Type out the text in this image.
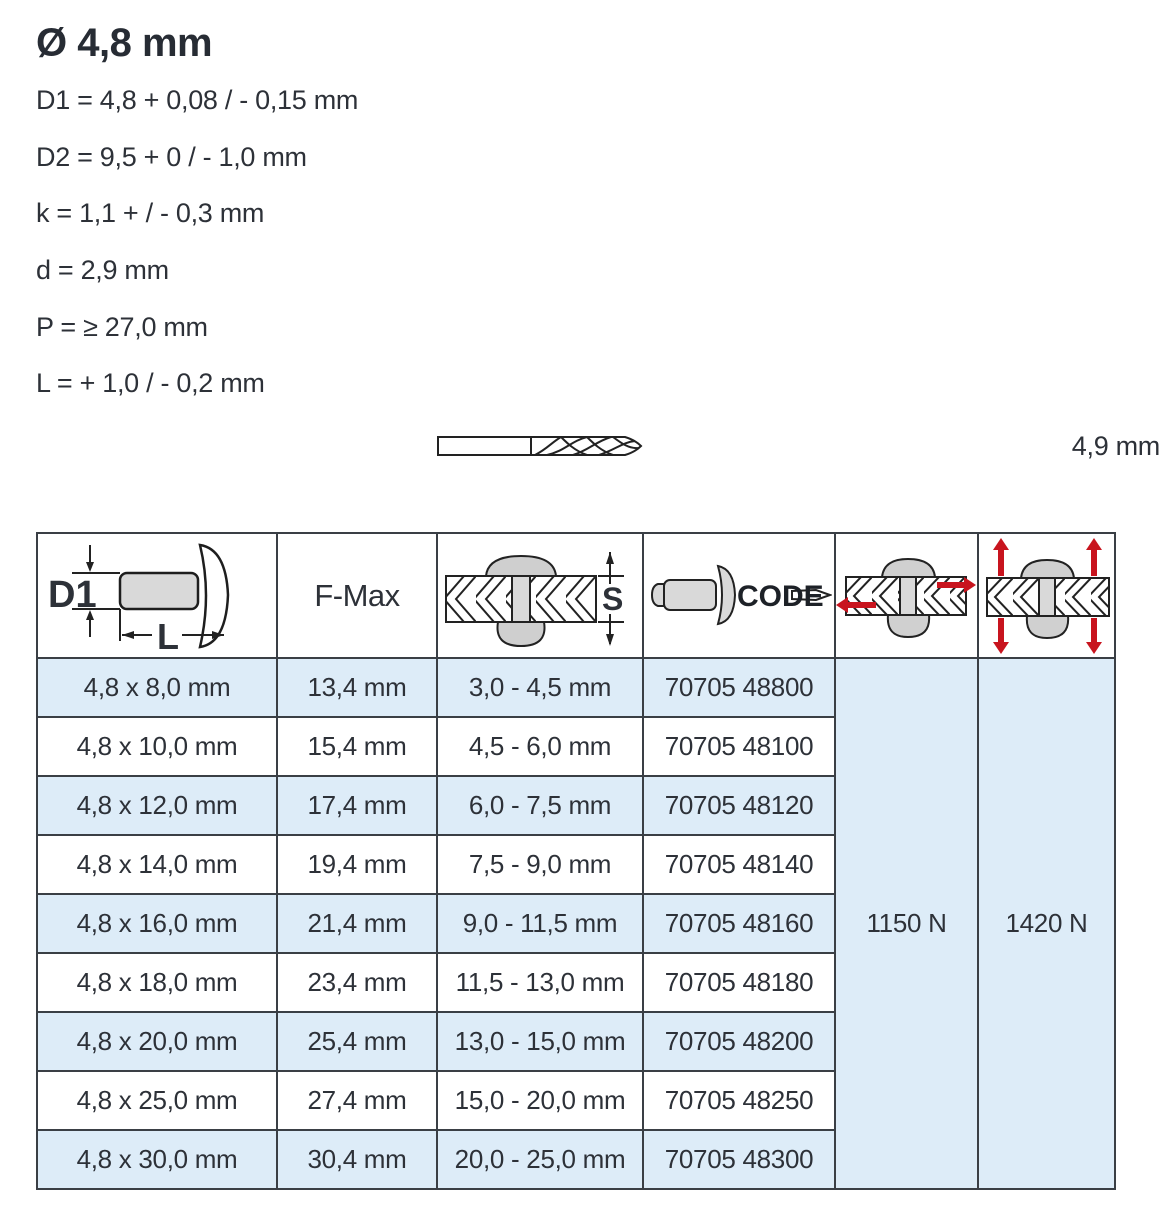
Ø 4,8 mm
D1 = 4,8 + 0,08 / - 0,15 mm
D2 = 9,5 + 0 / - 1,0 mm
k = 1,1 + / - 0,3 mm
d = 2,9 mm
P = ≥ 27,0 mm
L = + 1,0 / - 0,2 mm
4,9 mm
D1
L	F-Max	S	CODE

4,8 x 8,0 mm	13,4 mm	3,0 - 4,5 mm	70705 48800	1150 N	1420 N
4,8 x 10,0 mm	15,4 mm	4,5 - 6,0 mm	70705 48100		
4,8 x 12,0 mm	17,4 mm	6,0 - 7,5 mm	70705 48120		
4,8 x 14,0 mm	19,4 mm	7,5 - 9,0 mm	70705 48140		
4,8 x 16,0 mm	21,4 mm	9,0 - 11,5 mm	70705 48160		
4,8 x 18,0 mm	23,4 mm	11,5 - 13,0 mm	70705 48180		
4,8 x 20,0 mm	25,4 mm	13,0 - 15,0 mm	70705 48200		
4,8 x 25,0 mm	27,4 mm	15,0 - 20,0 mm	70705 48250		
4,8 x 30,0 mm	30,4 mm	20,0 - 25,0 mm	70705 48300		
